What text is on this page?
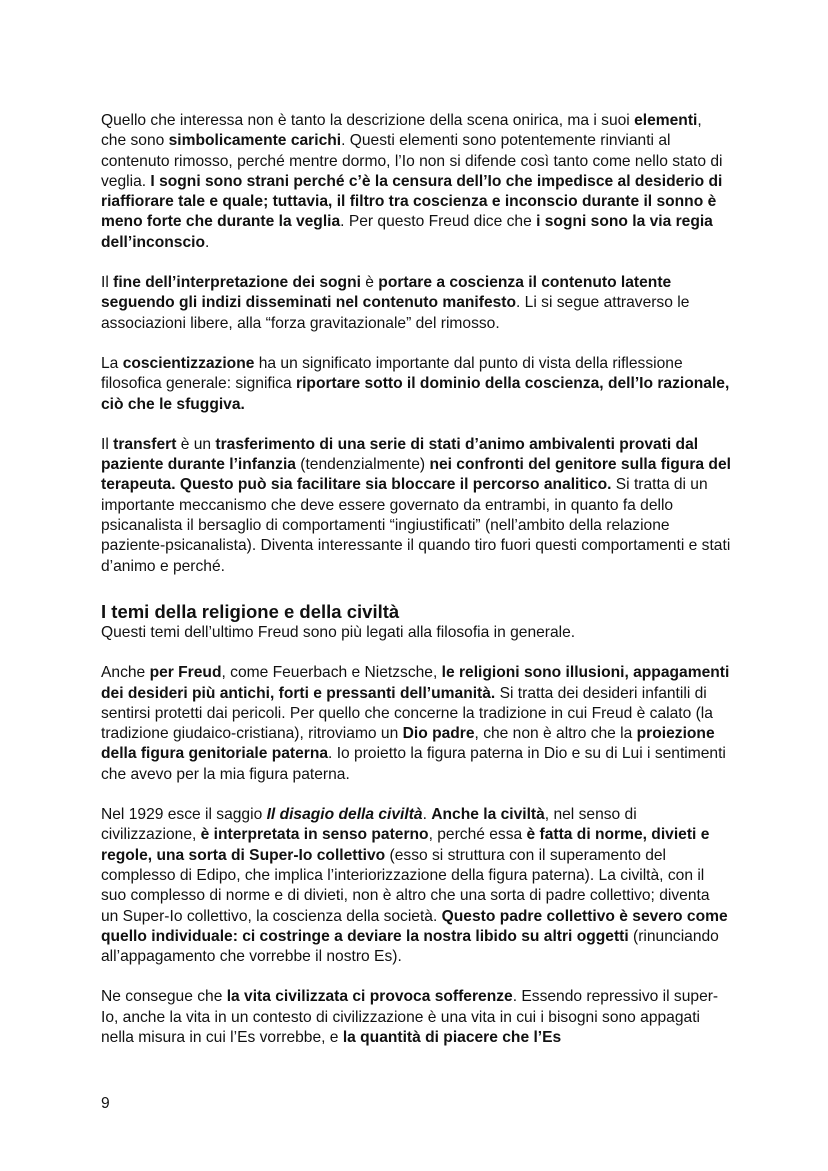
Quello che interessa non è tanto la descrizione della scena onirica, ma i suoi elementi, che sono simbolicamente carichi. Questi elementi sono potentemente rinvianti al contenuto rimosso, perché mentre dormo, l’Io non si difende così tanto come nello stato di veglia. I sogni sono strani perché c’è la censura dell’Io che impedisce al desiderio di riaffiorare tale e quale; tuttavia, il filtro tra coscienza e inconscio durante il sonno è meno forte che durante la veglia. Per questo Freud dice che i sogni sono la via regia dell’inconscio.

Il fine dell’interpretazione dei sogni è portare a coscienza il contenuto latente seguendo gli indizi disseminati nel contenuto manifesto. Li si segue attraverso le associazioni libere, alla “forza gravitazionale” del rimosso.

La coscientizzazione ha un significato importante dal punto di vista della riflessione filosofica generale: significa riportare sotto il dominio della coscienza, dell’Io razionale, ciò che le sfuggiva.

Il transfert è un trasferimento di una serie di stati d’animo ambivalenti provati dal paziente durante l’infanzia (tendenzialmente) nei confronti del genitore sulla figura del terapeuta. Questo può sia facilitare sia bloccare il percorso analitico. Si tratta di un importante meccanismo che deve essere governato da entrambi, in quanto fa dello psicanalista il bersaglio di comportamenti “ingiustificati” (nell’ambito della relazione paziente-psicanalista). Diventa interessante il quando tiro fuori questi comportamenti e stati d’animo e perché.

I temi della religione e della civiltà

Questi temi dell’ultimo Freud sono più legati alla filosofia in generale.

Anche per Freud, come Feuerbach e Nietzsche, le religioni sono illusioni, appagamenti dei desideri più antichi, forti e pressanti dell’umanità. Si tratta dei desideri infantili di sentirsi protetti dai pericoli. Per quello che concerne la tradizione in cui Freud è calato (la tradizione giudaico-cristiana), ritroviamo un Dio padre, che non è altro che la proiezione della figura genitoriale paterna. Io proietto la figura paterna in Dio e su di Lui i sentimenti che avevo per la mia figura paterna.

Nel 1929 esce il saggio Il disagio della civiltà. Anche la civiltà, nel senso di civilizzazione, è interpretata in senso paterno, perché essa è fatta di norme, divieti e regole, una sorta di Super-Io collettivo (esso si struttura con il superamento del complesso di Edipo, che implica l’interiorizzazione della figura paterna). La civiltà, con il suo complesso di norme e di divieti, non è altro che una sorta di padre collettivo; diventa un Super-Io collettivo, la coscienza della società. Questo padre collettivo è severo come quello individuale: ci costringe a deviare la nostra libido su altri oggetti (rinunciando all’appagamento che vorrebbe il nostro Es).

Ne consegue che la vita civilizzata ci provoca sofferenze. Essendo repressivo il super-Io, anche la vita in un contesto di civilizzazione è una vita in cui i bisogni sono appagati nella misura in cui l’Es vorrebbe, e la quantità di piacere che l’Es

9
